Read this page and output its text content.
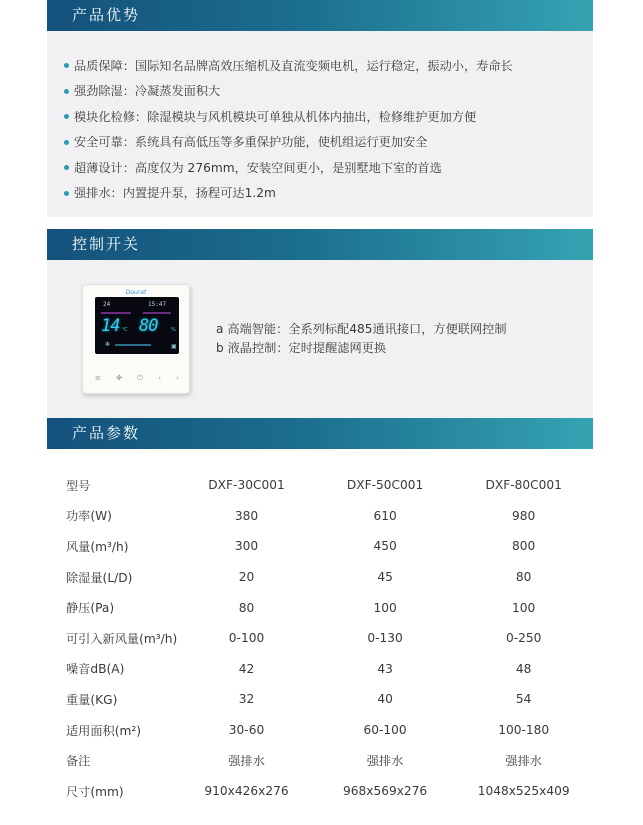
产品优势
品质保障：国际知名品牌高效压缩机及直流变频电机，运行稳定，振动小，寿命长
强劲除湿：冷凝蒸发面积大
模块化检修：除湿模块与风机模块可单独从机体内抽出，检修维护更加方便
安全可靠：系统具有高低压等多重保护功能，使机组运行更加安全
超薄设计：高度仅为 276mm，安装空间更小，是别墅地下室的首选
强排水：内置提升泵，扬程可达1.2m
控制开关
Dourat
24	15:47
14 ℃ 80	%
✻	▣
≡ ✤ ⏻ ‹ ›
a 高端智能：全系列标配485通讯接口，方便联网控制
b 液晶控制：定时提醒滤网更换
产品参数
型号	DXF-30C001	DXF-50C001	DXF-80C001
功率(W)	380	610	980
风量(m³/h)	300	450	800
除湿量(L/D)	20	45	80
静压(Pa)	80	100	100
可引入新风量(m³/h)	0-100	0-130	0-250
噪音dB(A)	42	43	48
重量(KG)	32	40	54
适用面积(m²)	30-60	60-100	100-180
备注	强排水	强排水	强排水
尺寸(mm)	910x426x276	968x569x276	1048x525x409
